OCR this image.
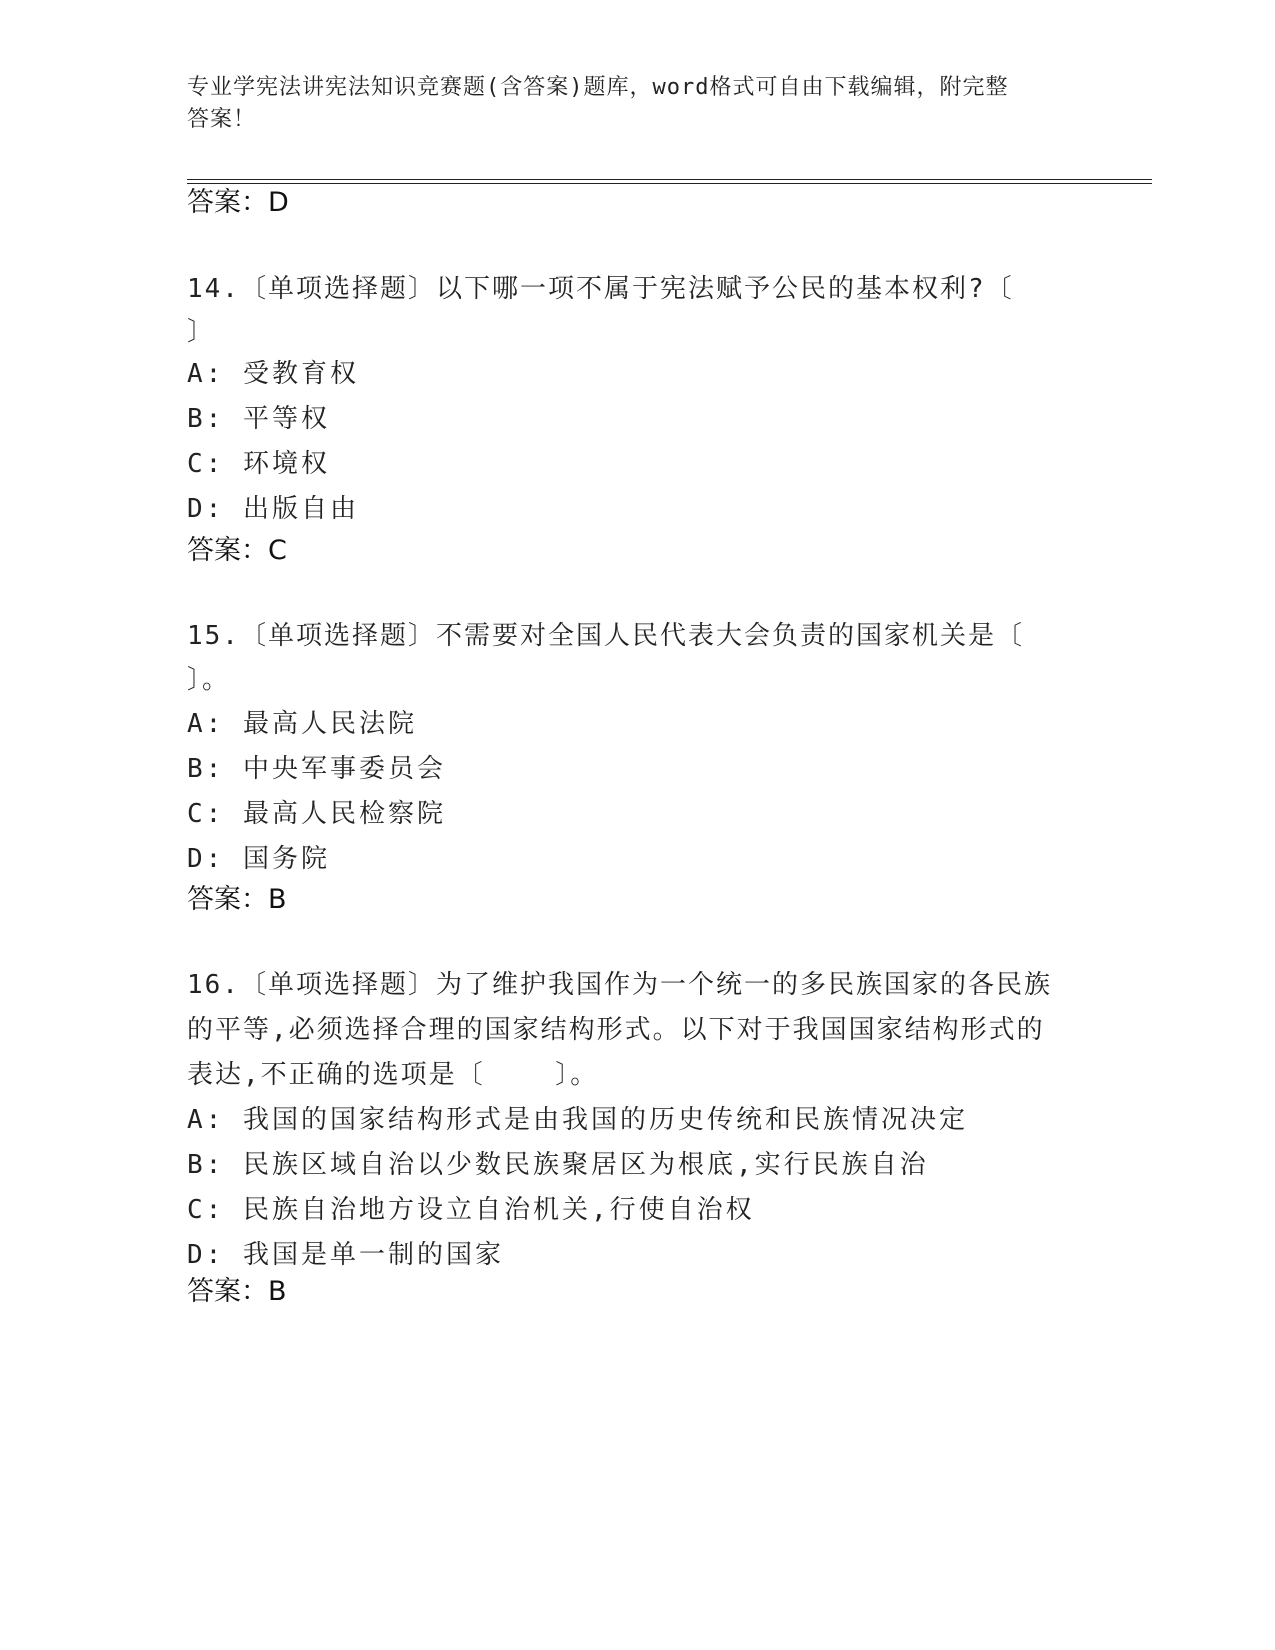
专业学宪法讲宪法知识竞赛题(含答案)题库，word格式可自由下载编辑，附完整
答案！
答案：D
14.〔单项选择题〕以下哪一项不属于宪法赋予公民的基本权利?〔
〕
A: 受教育权
B: 平等权
C: 环境权
D: 出版自由
答案：C
15.〔单项选择题〕不需要对全国人民代表大会负责的国家机关是〔
〕。
A: 最高人民法院
B: 中央军事委员会
C: 最高人民检察院
D: 国务院
答案：B
16.〔单项选择题〕为了维护我国作为一个统一的多民族国家的各民族
的平等,必须选择合理的国家结构形式。以下对于我国国家结构形式的
表达,不正确的选项是〔    〕。
A: 我国的国家结构形式是由我国的历史传统和民族情况决定
B: 民族区域自治以少数民族聚居区为根底,实行民族自治
C: 民族自治地方设立自治机关,行使自治权
D: 我国是单一制的国家
答案：B
